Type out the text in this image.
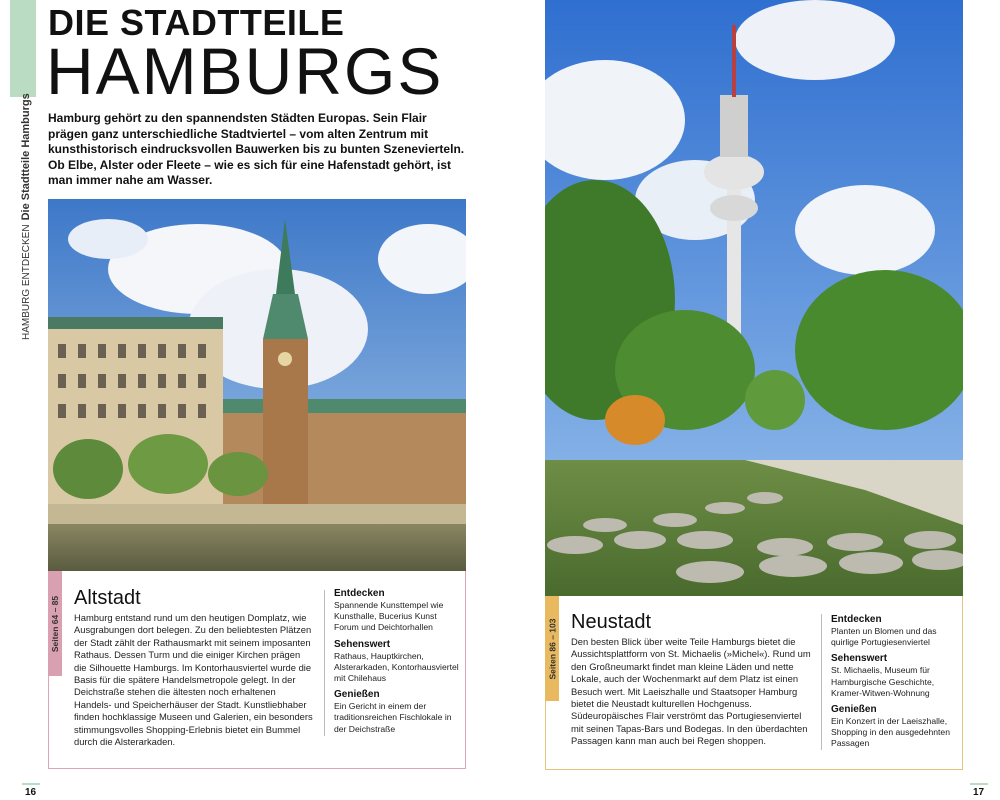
DIE STADTTEILE
HAMBURGS
HAMBURG ENTDECKENDie Stadtteile Hamburgs Hamburg gehört zu den spannendsten Städten Europas. Sein Flair prägen ganz unterschiedliche Stadtviertel – vom alten Zentrum mit kunsthistorisch eindrucksvollen Bauwerken bis zu bunten Szenevierteln. Ob Elbe, Alster oder Fleete – wie es sich für eine Hafenstadt gehört, ist man immer nahe am Wasser.

Seiten 64 – 85 Altstadt

Hamburg entstand rund um den heutigen Domplatz, wie Ausgrabungen dort belegen. Zu den beliebtesten Plätzen der Stadt zählt der Rathausmarkt mit seinem imposanten Rathaus. Dessen Turm und die einiger Kirchen prägen die Silhouette Hamburgs. Im Kontorhausviertel wurde die Basis für die spätere Handelsmetropole gelegt. In der Deichstraße stehen die ältesten noch erhaltenen Handels- und Speicherhäuser der Stadt. Kunstliebhaber finden hochklassige Museen und Galerien, ein besonders stimmungsvolles Shopping-Erlebnis bietet ein Bummel durch die Alsterarkaden.

Entdecken
Spannende Kunsttempel wie Kunsthalle, Bucerius Kunst Forum und Deichtorhallen
Sehenswert
Rathaus, Hauptkirchen, Alsterarkaden, Kontorhausviertel mit Chilehaus
Genießen
Ein Gericht in einem der traditionsreichen Fischlokale in der Deichstraße
16
Seiten 86 – 103 Neustadt

Den besten Blick über weite Teile Hamburgs bietet die Aussichtsplattform von St. Michaelis (»Michel«). Rund um den Großneumarkt findet man kleine Läden und nette Lokale, auch der Wochenmarkt auf dem Platz ist einen Besuch wert. Mit Laeiszhalle und Staatsoper Hamburg bietet die Neustadt kulturellen Hochgenuss. Südeuropäisches Flair verströmt das Portugiesenviertel mit seinen Tapas-Bars und Bodegas. In den überdachten Passagen kann man auch bei Regen shoppen.

Entdecken
Planten un Blomen und das quirlige Portugiesenviertel
Sehenswert
St. Michaelis, Museum für Hamburgische Geschichte, Kramer-Witwen-Wohnung
Genießen
Ein Konzert in der Laeiszhalle, Shopping in den ausgedehnten Passagen
17
